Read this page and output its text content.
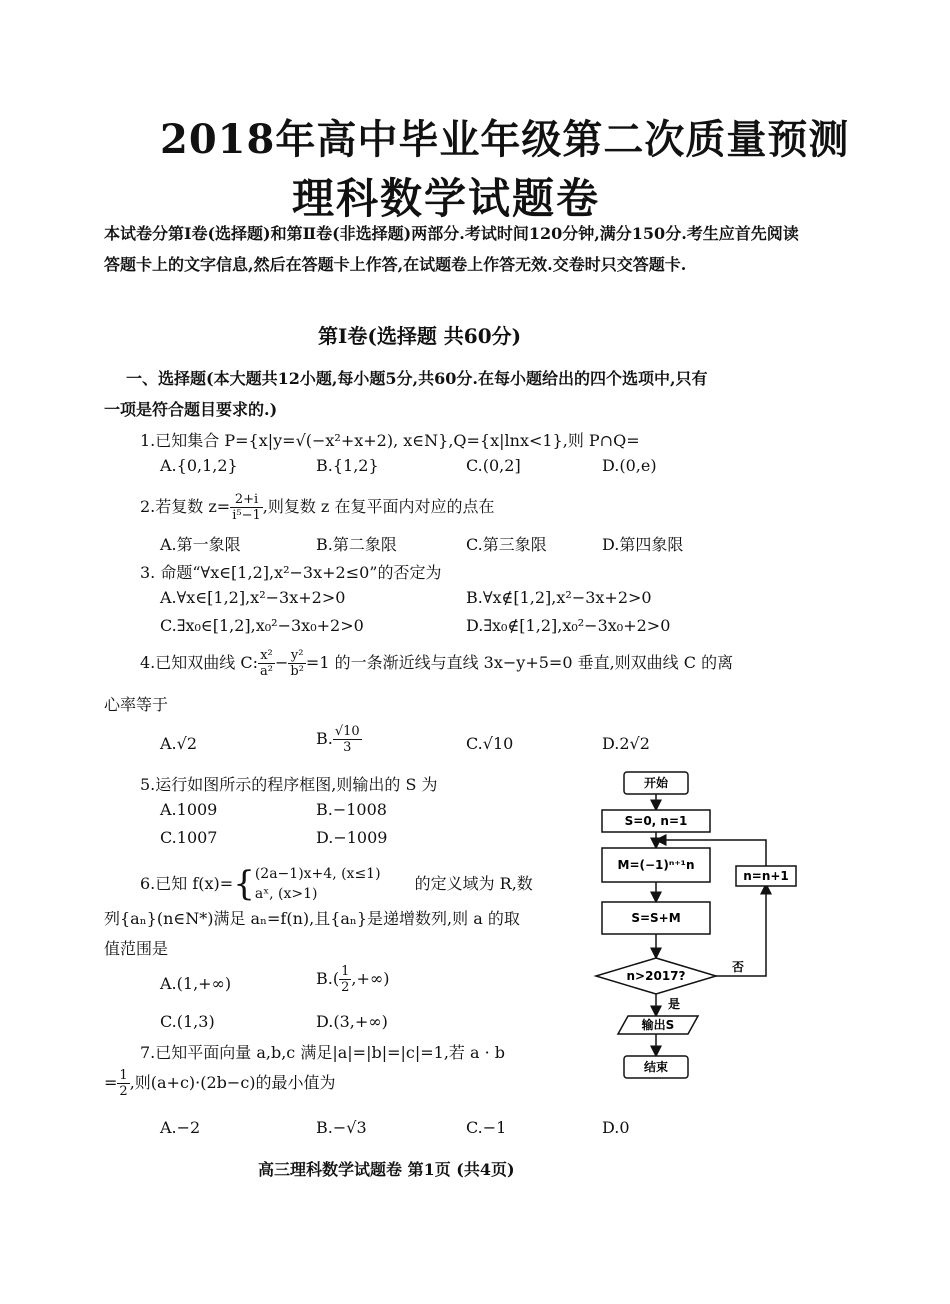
2018年高中毕业年级第二次质量预测
理科数学试题卷
本试卷分第Ⅰ卷(选择题)和第Ⅱ卷(非选择题)两部分.考试时间120分钟,满分150分.考生应首先阅读答题卡上的文字信息,然后在答题卡上作答,在试题卷上作答无效.交卷时只交答题卡.
第Ⅰ卷(选择题 共60分)
一、选择题(本大题共12小题,每小题5分,共60分.在每小题给出的四个选项中,只有
一项是符合题目要求的.)
1.已知集合 P={x|y=√(−x²+x+2), x∈N},Q={x|lnx<1},则 P∩Q=
A.{0,1,2}	B.{1,2}	C.(0,2]	D.(0,e)
2.若复数 $z= \frac{2+i}{\text{i⁵−1}}$ ,则复数 z 在复平面内对应的点在
A.第一象限	B.第二象限	C.第三象限	D.第四象限
3. 命题“∀x∈[1,2],x²−3x+2≤0”的否定为
A.∀x∈[1,2],x²−3x+2>0	B.∀x∉[1,2],x²−3x+2>0
C.∃x₀∈[1,2],x₀²−3x₀+2>0	D.∃x₀∉[1,2],x₀²−3x₀+2>0
4.已知双曲线 C: $\frac{\text{x²}}{\text{a²}} - \frac{\text{y²}}{\text{b²}} =1$ 的一条渐近线与直线 3x−y+5=0 垂直,则双曲线 C 的离
心率等于
A.√2	B. $\frac{√10}{3}$	C.√10	D.2√2
5.运行如图所示的程序框图,则输出的 S 为
A.1009	B.−1008
C.1007	D.−1009
6.已知 f(x)={ (2a−1)x+4, (x≤1)
aˣ, (x>1)
的定义域为 R,数
列{aₙ}(n∈N*)满足 aₙ=f(n),且{aₙ}是递增数列,则 a 的取
值范围是
A.(1,+∞)	$B.( \frac{1}{2}$ ,+∞)
C.(1,3)	D.(3,+∞)
7.已知平面向量 a,b,c 满足|a|=|b|=|c|=1,若 a · b
= $\frac{1}{2}$ ,则(a+c)·(2b−c)的最小值为
A.−2	B.−√3	C.−1	D.0
开始
S=0, n=1
M=(−1)ⁿ⁺¹n
S=S+M
n>2017?
否
n=n+1
是
输出S
结束
高三理科数学试题卷 第1页 (共4页)
